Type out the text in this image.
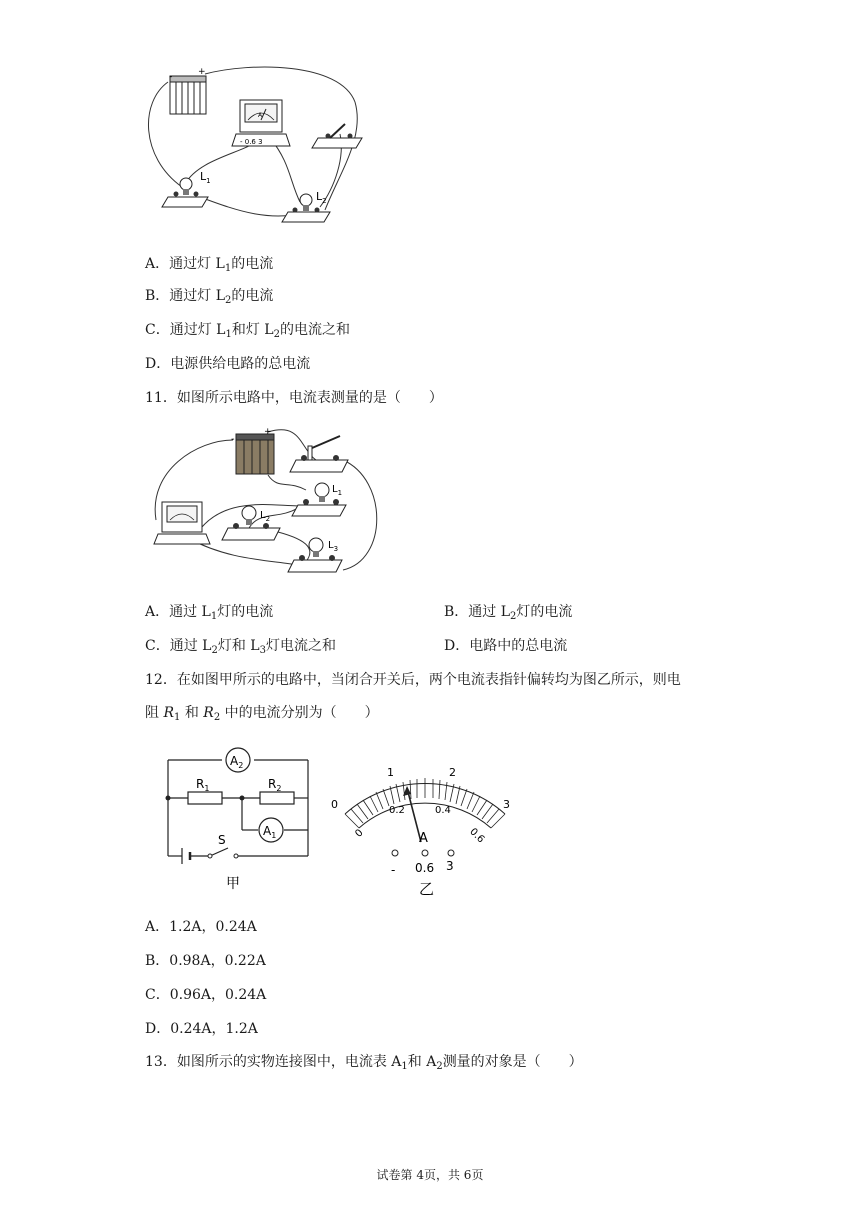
-	+
A
- 0.6 3
$L_1$
$L_2$
A．通过灯 $L_1$的电流
B．通过灯 $L_2$的电流
C．通过灯 $L_1$和灯 $L_2$的电流之和
D．电源供给电路的总电流
11．如图所示电路中，电流表测量的是（　　）
-
+
$L_1$
$L_2$
$L_3$
A．通过 $L_1$灯的电流	B．通过 $L_2$灯的电流
C．通过 $L_2$灯和 $L_3$灯电流之和	D．电路中的总电流
12．在如图甲所示的电路中，当闭合开关后，两个电流表指针偏转均为图乙所示，则电
阻 $R_1$ 和 $R_2$ 中的电流分别为（　　）
$A_2$
$A_1$
$R_1$	$R_2$
S
甲
0
1	2
3
0
0.2	0.4
0.6
A
- 0.6 3
乙
A．1.2A，0.24A
B．0.98A，0.22A
C．0.96A，0.24A
D．0.24A，1.2A
13．如图所示的实物连接图中，电流表 $A_1$和 $A_2$测量的对象是（　　）
试卷第 4页，共 6页
